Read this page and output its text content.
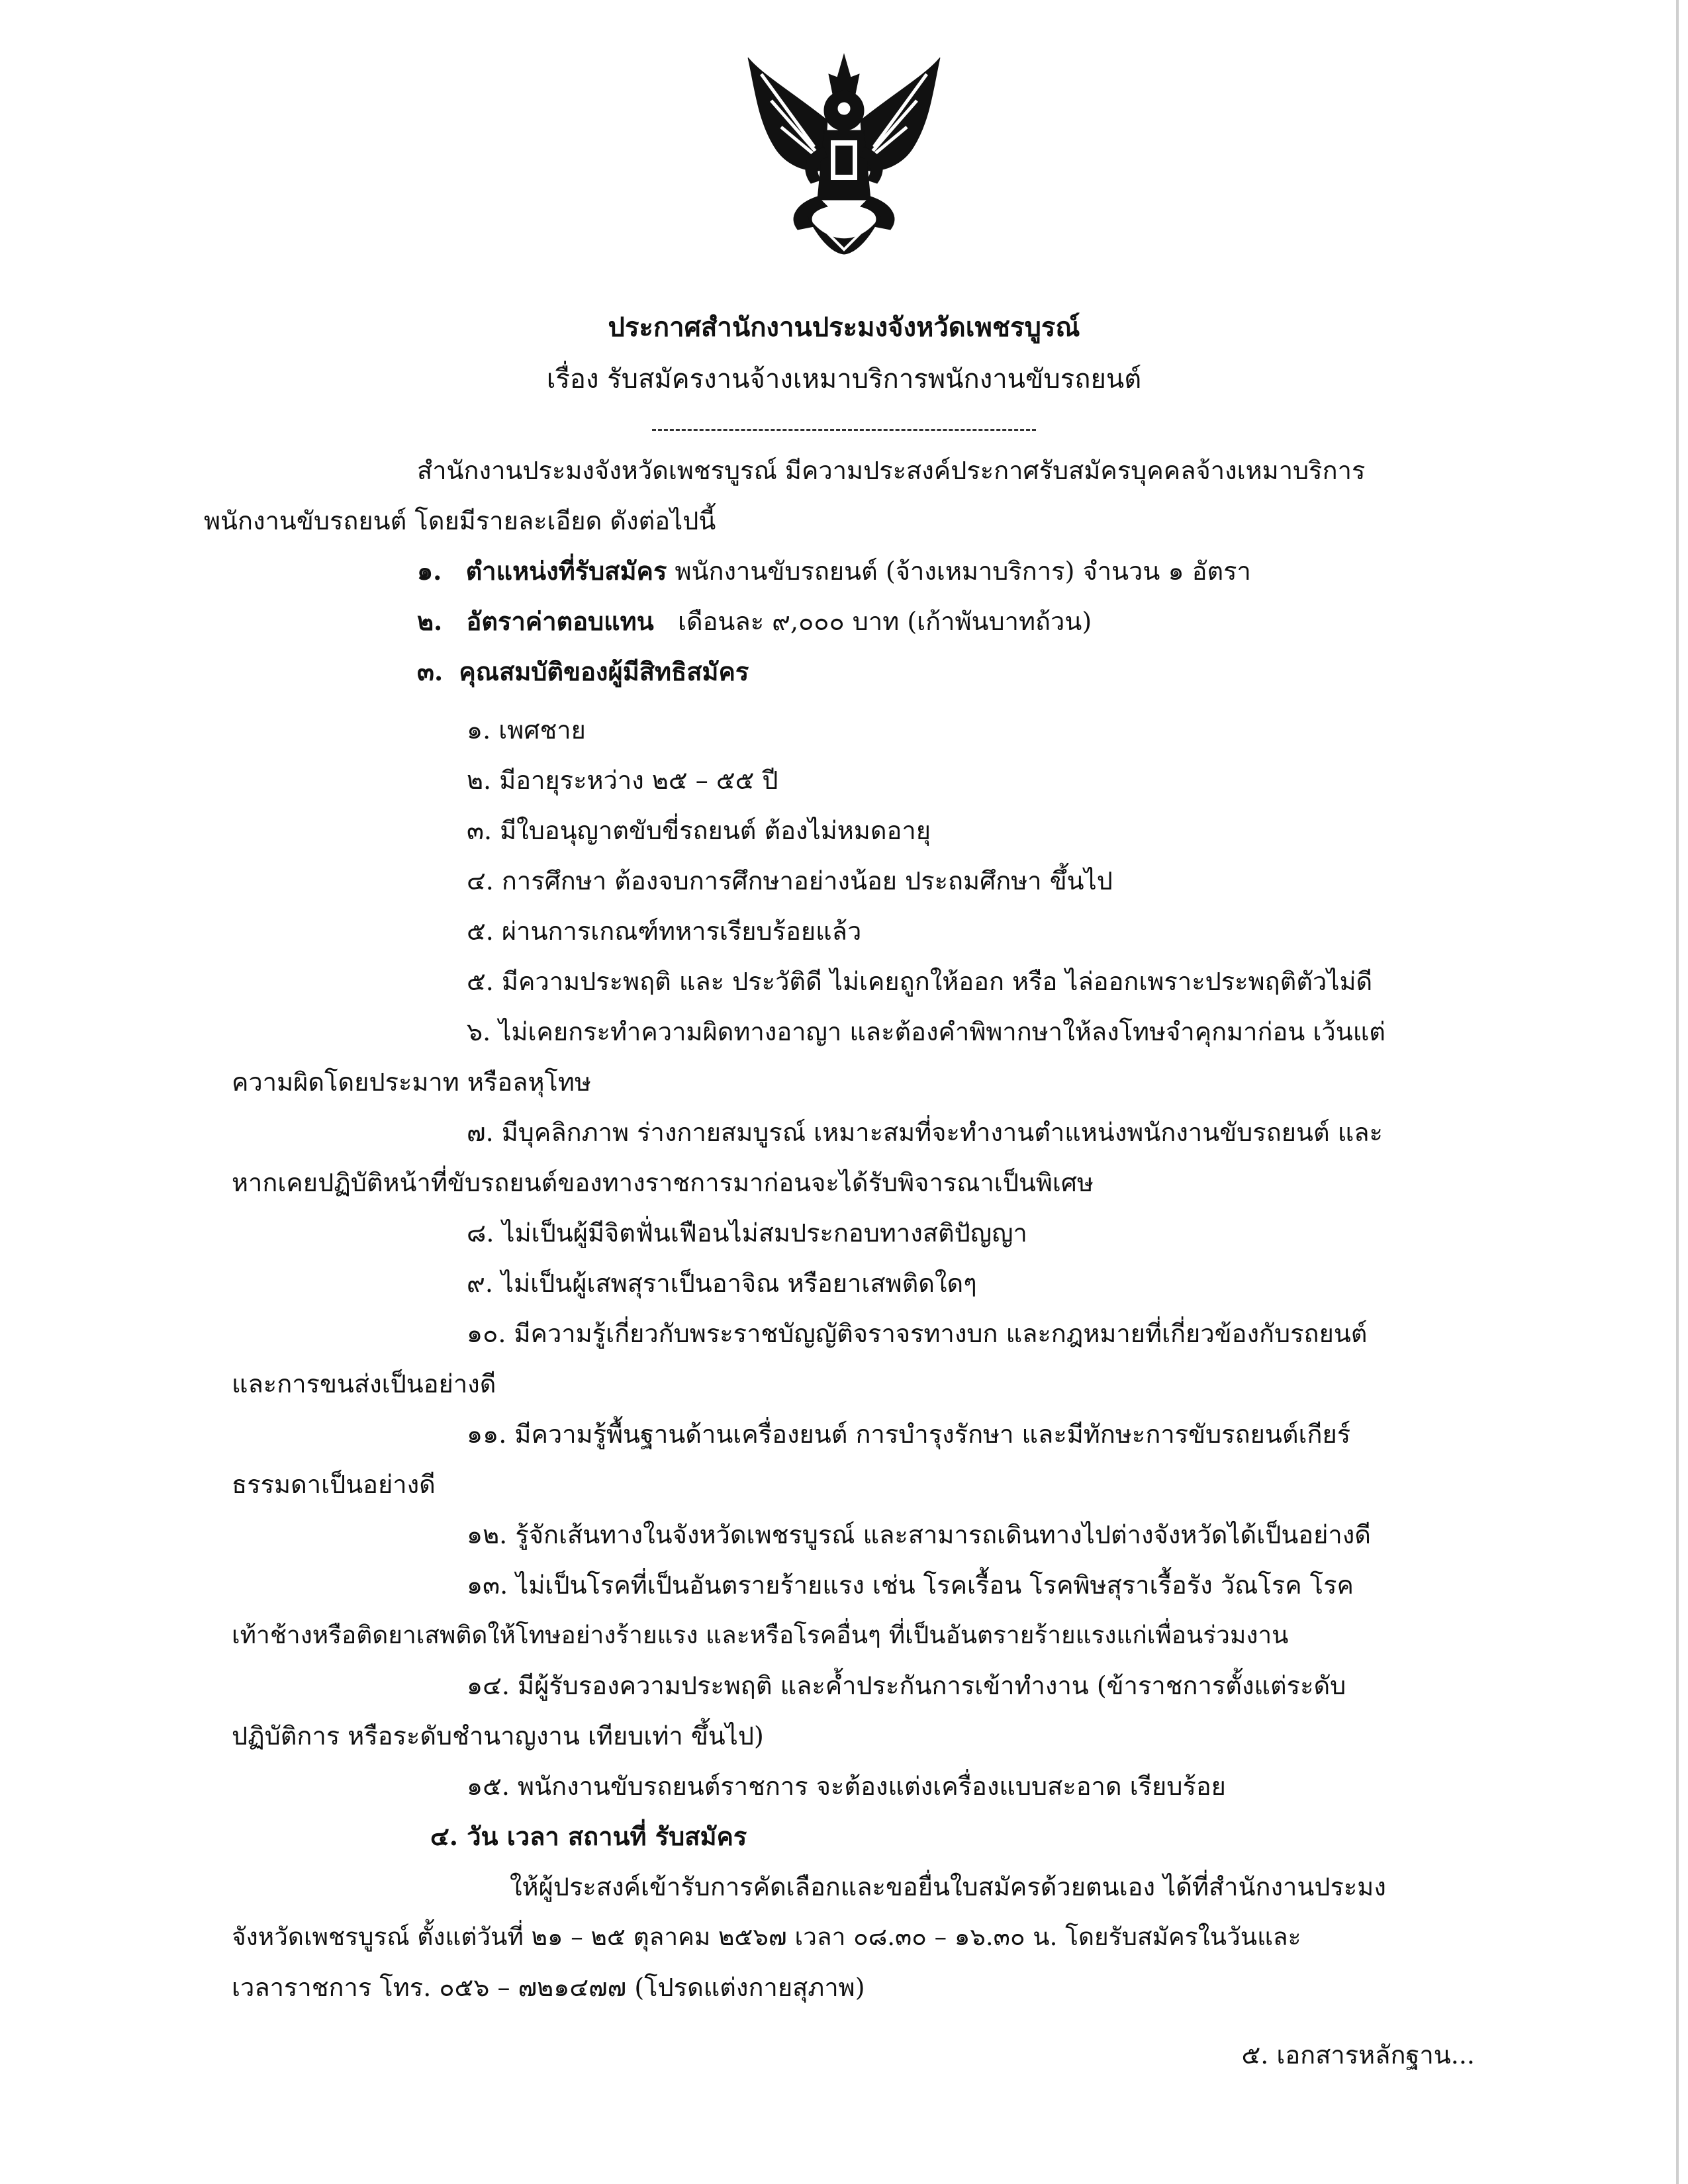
ประกาศสำนักงานประมงจังหวัดเพชรบูรณ์
เรื่อง รับสมัครงานจ้างเหมาบริการพนักงานขับรถยนต์
สำนักงานประมงจังหวัดเพชรบูรณ์ มีความประสงค์ประกาศรับสมัครบุคคลจ้างเหมาบริการ
พนักงานขับรถยนต์ โดยมีรายละเอียด ดังต่อไปนี้
๑. ตำแหน่งที่รับสมัคร พนักงานขับรถยนต์ (จ้างเหมาบริการ) จำนวน ๑ อัตรา
๒. อัตราค่าตอบแทน เดือนละ ๙,๐๐๐ บาท (เก้าพันบาทถ้วน)
๓. คุณสมบัติของผู้มีสิทธิสมัคร
๑. เพศชาย
๒. มีอายุระหว่าง ๒๕ – ๕๕ ปี
๓. มีใบอนุญาตขับขี่รถยนต์ ต้องไม่หมดอายุ
๔. การศึกษา ต้องจบการศึกษาอย่างน้อย ประถมศึกษา ขึ้นไป
๕. ผ่านการเกณฑ์ทหารเรียบร้อยแล้ว
๕. มีความประพฤติ และ ประวัติดี ไม่เคยถูกให้ออก หรือ ไล่ออกเพราะประพฤติตัวไม่ดี
๖. ไม่เคยกระทำความผิดทางอาญา และต้องคำพิพากษาให้ลงโทษจำคุกมาก่อน เว้นแต่
ความผิดโดยประมาท หรือลหุโทษ
๗. มีบุคลิกภาพ ร่างกายสมบูรณ์ เหมาะสมที่จะทำงานตำแหน่งพนักงานขับรถยนต์ และ
หากเคยปฏิบัติหน้าที่ขับรถยนต์ของทางราชการมาก่อนจะได้รับพิจารณาเป็นพิเศษ
๘. ไม่เป็นผู้มีจิตฟั่นเฟือนไม่สมประกอบทางสติปัญญา
๙. ไม่เป็นผู้เสพสุราเป็นอาจิณ หรือยาเสพติดใดๆ
๑๐. มีความรู้เกี่ยวกับพระราชบัญญัติจราจรทางบก และกฎหมายที่เกี่ยวข้องกับรถยนต์
และการขนส่งเป็นอย่างดี
๑๑. มีความรู้พื้นฐานด้านเครื่องยนต์ การบำรุงรักษา และมีทักษะการขับรถยนต์เกียร์
ธรรมดาเป็นอย่างดี
๑๒. รู้จักเส้นทางในจังหวัดเพชรบูรณ์ และสามารถเดินทางไปต่างจังหวัดได้เป็นอย่างดี
๑๓. ไม่เป็นโรคที่เป็นอันตรายร้ายแรง เช่น โรคเรื้อน โรคพิษสุราเรื้อรัง วัณโรค โรค
เท้าช้างหรือติดยาเสพติดให้โทษอย่างร้ายแรง และหรือโรคอื่นๆ ที่เป็นอันตรายร้ายแรงแก่เพื่อนร่วมงาน
๑๔. มีผู้รับรองความประพฤติ และค้ำประกันการเข้าทำงาน (ข้าราชการตั้งแต่ระดับ
ปฏิบัติการ หรือระดับชำนาญงาน เทียบเท่า ขึ้นไป)
๑๕. พนักงานขับรถยนต์ราชการ จะต้องแต่งเครื่องแบบสะอาด เรียบร้อย
๔. วัน เวลา สถานที่ รับสมัคร
ให้ผู้ประสงค์เข้ารับการคัดเลือกและขอยื่นใบสมัครด้วยตนเอง ได้ที่สำนักงานประมง
จังหวัดเพชรบูรณ์ ตั้งแต่วันที่ ๒๑ – ๒๕ ตุลาคม ๒๕๖๗ เวลา ๐๘.๓๐ – ๑๖.๓๐ น. โดยรับสมัครในวันและ
เวลาราชการ โทร. ๐๕๖ – ๗๒๑๔๗๗ (โปรดแต่งกายสุภาพ)
๕. เอกสารหลักฐาน...
